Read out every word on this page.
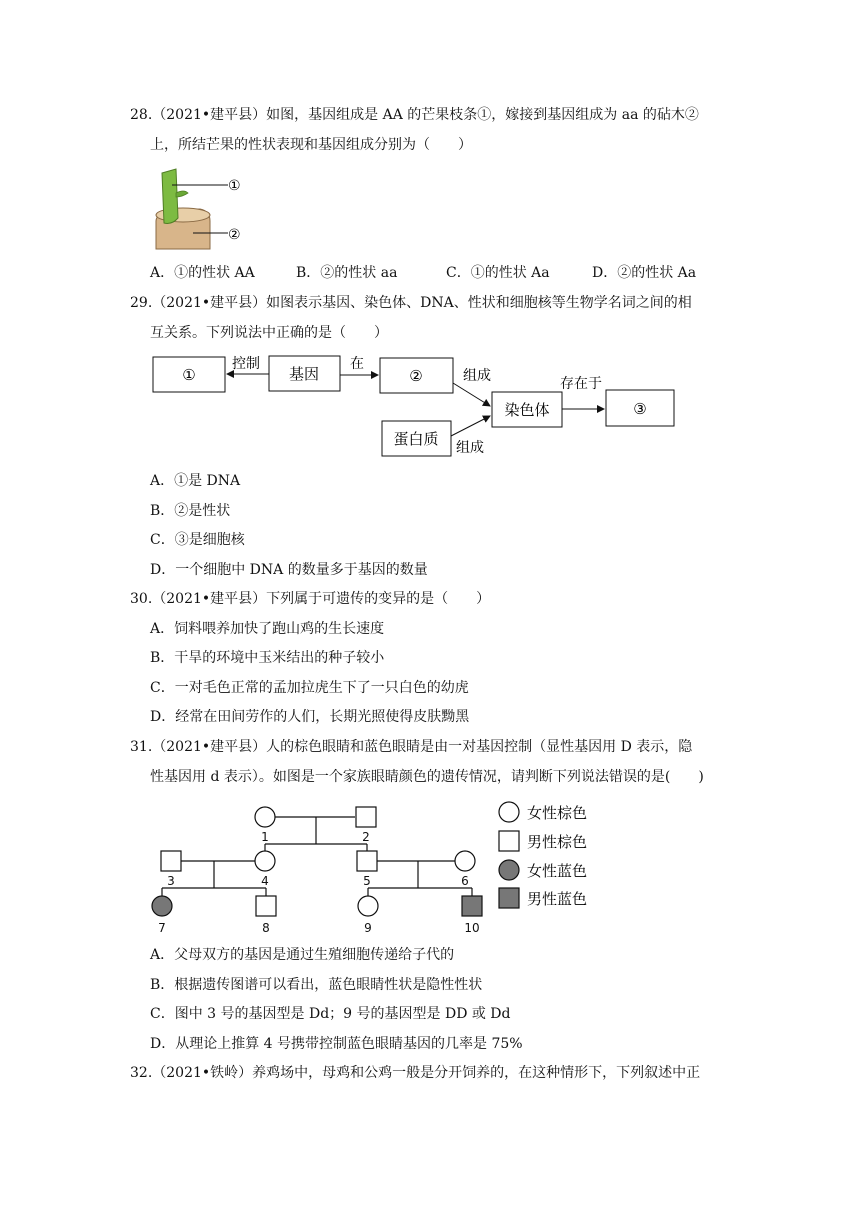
28.（2021•建平县）如图，基因组成是 AA 的芒果枝条①，嫁接到基因组成为 aa 的砧木②
上，所结芒果的性状表现和基因组成分别为（　　）
①
②
A．①的性状 AA	B．②的性状 aa	C．①的性状 Aa	D．②的性状 Aa
29.（2021•建平县）如图表示基因、染色体、DNA、性状和细胞核等生物学名词之间的相
互关系。下列说法中正确的是（　　）
①	基因	②
染色体	③
蛋白质
控制	在
组成	存在于
组成
A．①是 DNA
B．②是性状
C．③是细胞核
D．一个细胞中 DNA 的数量多于基因的数量
30.（2021•建平县）下列属于可遗传的变异的是（　　）
A．饲料喂养加快了跑山鸡的生长速度
B．干旱的环境中玉米结出的种子较小
C．一对毛色正常的孟加拉虎生下了一只白色的幼虎
D．经常在田间劳作的人们，长期光照使得皮肤黝黑
31.（2021•建平县）人的棕色眼睛和蓝色眼睛是由一对基因控制（显性基因用 D 表示，隐
性基因用 d 表示）。如图是一个家族眼睛颜色的遗传情况，请判断下列说法错误的是(　　)
1	2
3	4	5	6
7	8	9	10
女性棕色
男性棕色
女性蓝色
男性蓝色
A．父母双方的基因是通过生殖细胞传递给子代的
B．根据遗传图谱可以看出，蓝色眼睛性状是隐性性状
C．图中 3 号的基因型是 Dd；9 号的基因型是 DD 或 Dd
D．从理论上推算 4 号携带控制蓝色眼睛基因的几率是 75%
32.（2021•铁岭）养鸡场中，母鸡和公鸡一般是分开饲养的，在这种情形下，下列叙述中正
